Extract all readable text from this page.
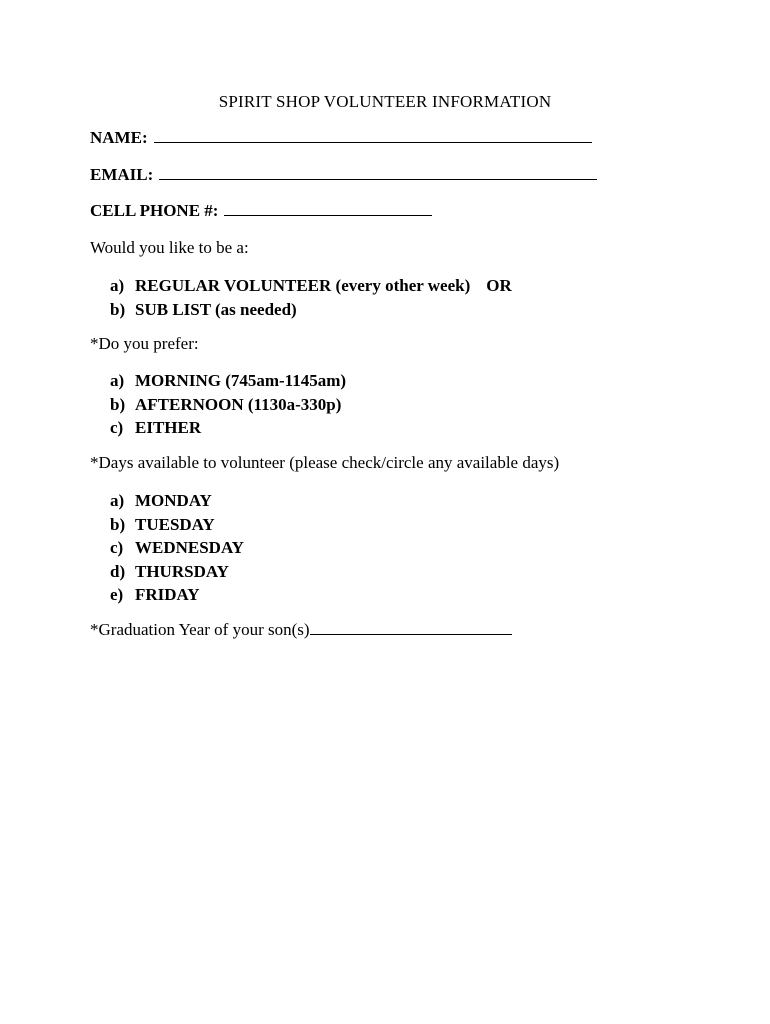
SPIRIT SHOP VOLUNTEER INFORMATION
NAME:
EMAIL:
CELL PHONE #:
Would you like to be a:
a) REGULAR VOLUNTEER (every other week) OR
b) SUB LIST (as needed)
*Do you prefer:
a) MORNING (745am-1145am)
b) AFTERNOON (1130a-330p)
c) EITHER
*Days available to volunteer (please check/circle any available days)
a) MONDAY
b) TUESDAY
c) WEDNESDAY
d) THURSDAY
e) FRIDAY
*Graduation Year of your son(s)
